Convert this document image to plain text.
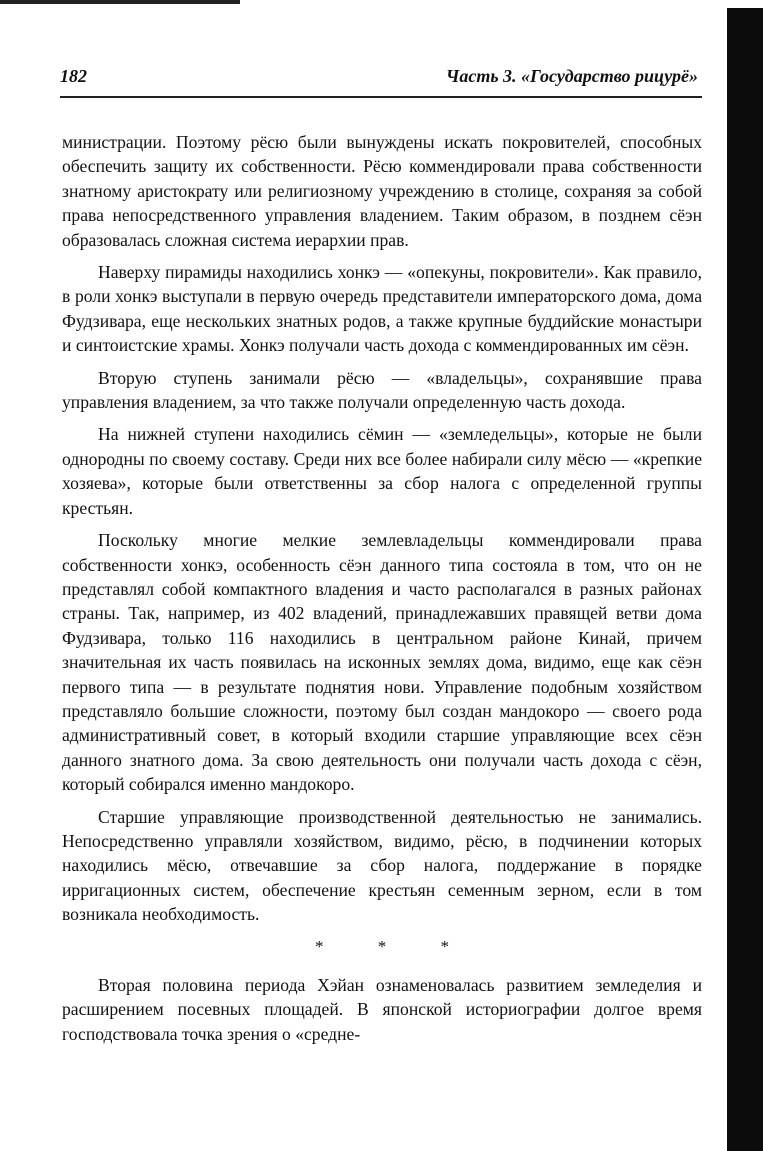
182	Часть 3. «Государство рицурё»

министрации. Поэтому рёсю были вынуждены искать покровителей, способных обеспечить защиту их собственности. Рёсю коммендировали права собственности знатному аристократу или религиозному учреждению в столице, сохраняя за собой права непосредственного управления владением. Таким образом, в позднем сёэн образовалась сложная система иерархии прав.

Наверху пирамиды находились хонкэ — «опекуны, покровители». Как правило, в роли хонкэ выступали в первую очередь представители императорского дома, дома Фудзивара, еще нескольких знатных родов, а также крупные буддийские монастыри и синтоистские храмы. Хонкэ получали часть дохода с коммендированных им сёэн.

Вторую ступень занимали рёсю — «владельцы», сохранявшие права управления владением, за что также получали определенную часть дохода.

На нижней ступени находились сёмин — «земледельцы», которые не были однородны по своему составу. Среди них все более набирали силу мёсю — «крепкие хозяева», которые были ответственны за сбор налога с определенной группы крестьян.

Поскольку многие мелкие землевладельцы коммендировали права собственности хонкэ, особенность сёэн данного типа состояла в том, что он не представлял собой компактного владения и часто располагался в разных районах страны. Так, например, из 402 владений, принадлежавших правящей ветви дома Фудзивара, только 116 находились в центральном районе Кинай, причем значительная их часть появилась на исконных землях дома, видимо, еще как сёэн первого типа — в результате поднятия нови. Управление подобным хозяйством представляло большие сложности, поэтому был создан мандокоро — своего рода административный совет, в который входили старшие управляющие всех сёэн данного знатного дома. За свою деятельность они получали часть дохода с сёэн, который собирался именно мандокоро.

Старшие управляющие производственной деятельностью не занимались. Непосредственно управляли хозяйством, видимо, рёсю, в подчинении которых находились мёсю, отвечавшие за сбор налога, поддержание в порядке ирригационных систем, обеспечение крестьян семенным зерном, если в том возникала необходимость.

* * *

Вторая половина периода Хэйан ознаменовалась развитием земледелия и расширением посевных площадей. В японской историографии долгое время господствовала точка зрения о «средне-
